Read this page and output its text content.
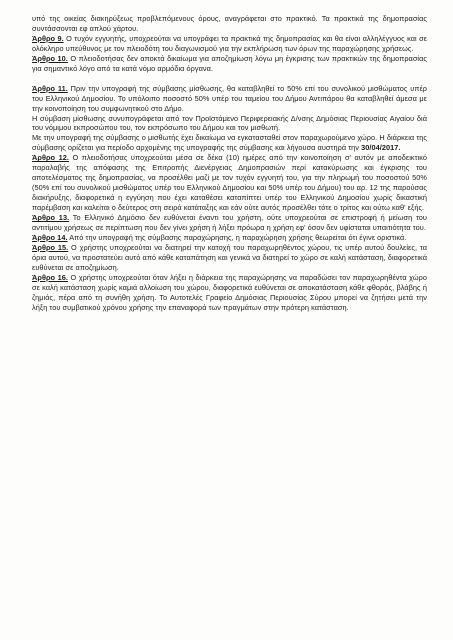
υπό της οικείας διακηρύξεως προβλεπόμενους όρους, αναγράφεται στο πρακτικό. Τα πρακτικά της δημοπρασίας συντάσσονται εφ απλού χάρτου.

Άρθρο 9. Ο τυχόν εγγυητής, υποχρεούται να υπογράφει τα πρακτικά της δημοπρασίας και θα είναι αλληλέγγυος και σε ολόκληρο υπεύθυνος με τον πλειοδότη του διαγωνισμού για την εκπλήρωση των όρων της παραχώρησης χρήσεως.

Άρθρο 10. Ο πλειοδοτήσας δεν αποκτά δικαίωμα για αποζημίωση λόγω μη έγκρισης των πρακτικών της δημοπρασίας για σημαντικό λόγο από τα κατά νόμο αρμόδια όργανα.

Άρθρο 11. Πριν την υπογραφή της σύμβασης μίσθωσης, θα καταβληθεί το 50% επί του συνολικού μισθώματος υπέρ του Ελληνικού Δημοσίου. Το υπόλοιπο ποσοστό 50% υπέρ του ταμείου του Δήμου Αντιπάρου θα καταβληθεί άμεσα με την κοινοποίηση του συμφωνητικού στο Δήμο.
Η σύμβαση μίσθωσης συνυπογράφεται από τον Προϊστάμενο Περιφερειακής Δ/νσης Δημόσιας Περιουσίας Αιγαίου διά του νόμιμου εκπροσώπου του, τον εκπρόσωπο του Δήμου και τον μισθωτή.
Με την υπογραφή της σύμβασης ο μισθωτής έχει δικαίωμα να εγκατασταθεί στον παραχωρούμενο χώρο. Η διάρκεια της σύμβασης ορίζεται για περίοδο αρχομένης της υπογραφής της σύμβασης και λήγουσα αυστηρά την 30/04/2017.

Άρθρο 12. Ο πλειοδοτήσας υποχρεούται μέσα σε δέκα (10) ημέρες από την κοινοποίηση σ' αυτόν με αποδεικτικό παραλαβής της απόφασης της Επιτροπής Διενέργειας Δημοπρασιών περί κατακύρωσης και έγκρισης του αποτελέσματος της δημοπρασίας, να προσέλθει μαζί με τον τυχόν εγγυητή του, για την πληρωμή του ποσοστού 50% (50% επί του συνολικού μισθώματος υπέρ του Ελληνικού Δημοσίου και 50% υπέρ του Δήμου) του αρ. 12 της παρούσας διακήρυξης, διαφορετικά η εγγύηση που έχει καταθέσει καταπίπτει υπέρ του Ελληνικού Δημοσίου χωρίς δικαστική παρέμβαση και καλείται ο δεύτερος στη σειρά κατάταξης και εάν ούτε αυτός προσέλθει τότε ο τρίτος και ούτω καθ' εξής.

Άρθρο 13. Το Ελληνικό Δημόσιο δεν ευθύνεται έναντι του χρήστη, ούτε υποχρεούται σε επιστροφή ή μείωση του αντιτίμου χρήσεως σε περίπτωση που δεν γίνει χρήση ή λήξει πρόωρα η χρήση εφ' όσον δεν υφίσταται υπαιτιότητα του.

Άρθρο 14. Από την υπογραφή της σύμβασης παραχώρησης, η παραχώρηση χρήσης θεωρείται ότι έγινε οριστικά.

Άρθρο 15. Ο χρήστης υποχρεούται να διατηρεί την κατοχή του παραχωρηθέντος χώρου, τις υπέρ αυτού δουλείες, τα όρια αυτού, να προστατεύει αυτό από κάθε καταπάτηση και γενικά να διατηρεί το χώρο σε καλή κατάσταση, διαφορετικά ευθύνεται σε αποζημίωση.

Άρθρο 16. Ο χρήστης υποχρεούται όταν λήξει η διάρκεια της παραχώρησης να παραδώσει τον παραχωρηθέντα χώρο σε καλή κατάσταση χωρίς καμιά αλλοίωση του χώρου, διαφορετικά ευθύνεται σε αποκατάσταση κάθε φθοράς, βλάβης ή ζημιάς, πέρα από τη συνήθη χρήση. Το Αυτοτελές Γραφείο Δημόσιας Περιουσίας Σύρου μπορεί να ζητήσει μετά την λήξη του συμβατικού χρόνου χρήσης την επαναφορά των πραγμάτων στην πρότερη κατάσταση.
